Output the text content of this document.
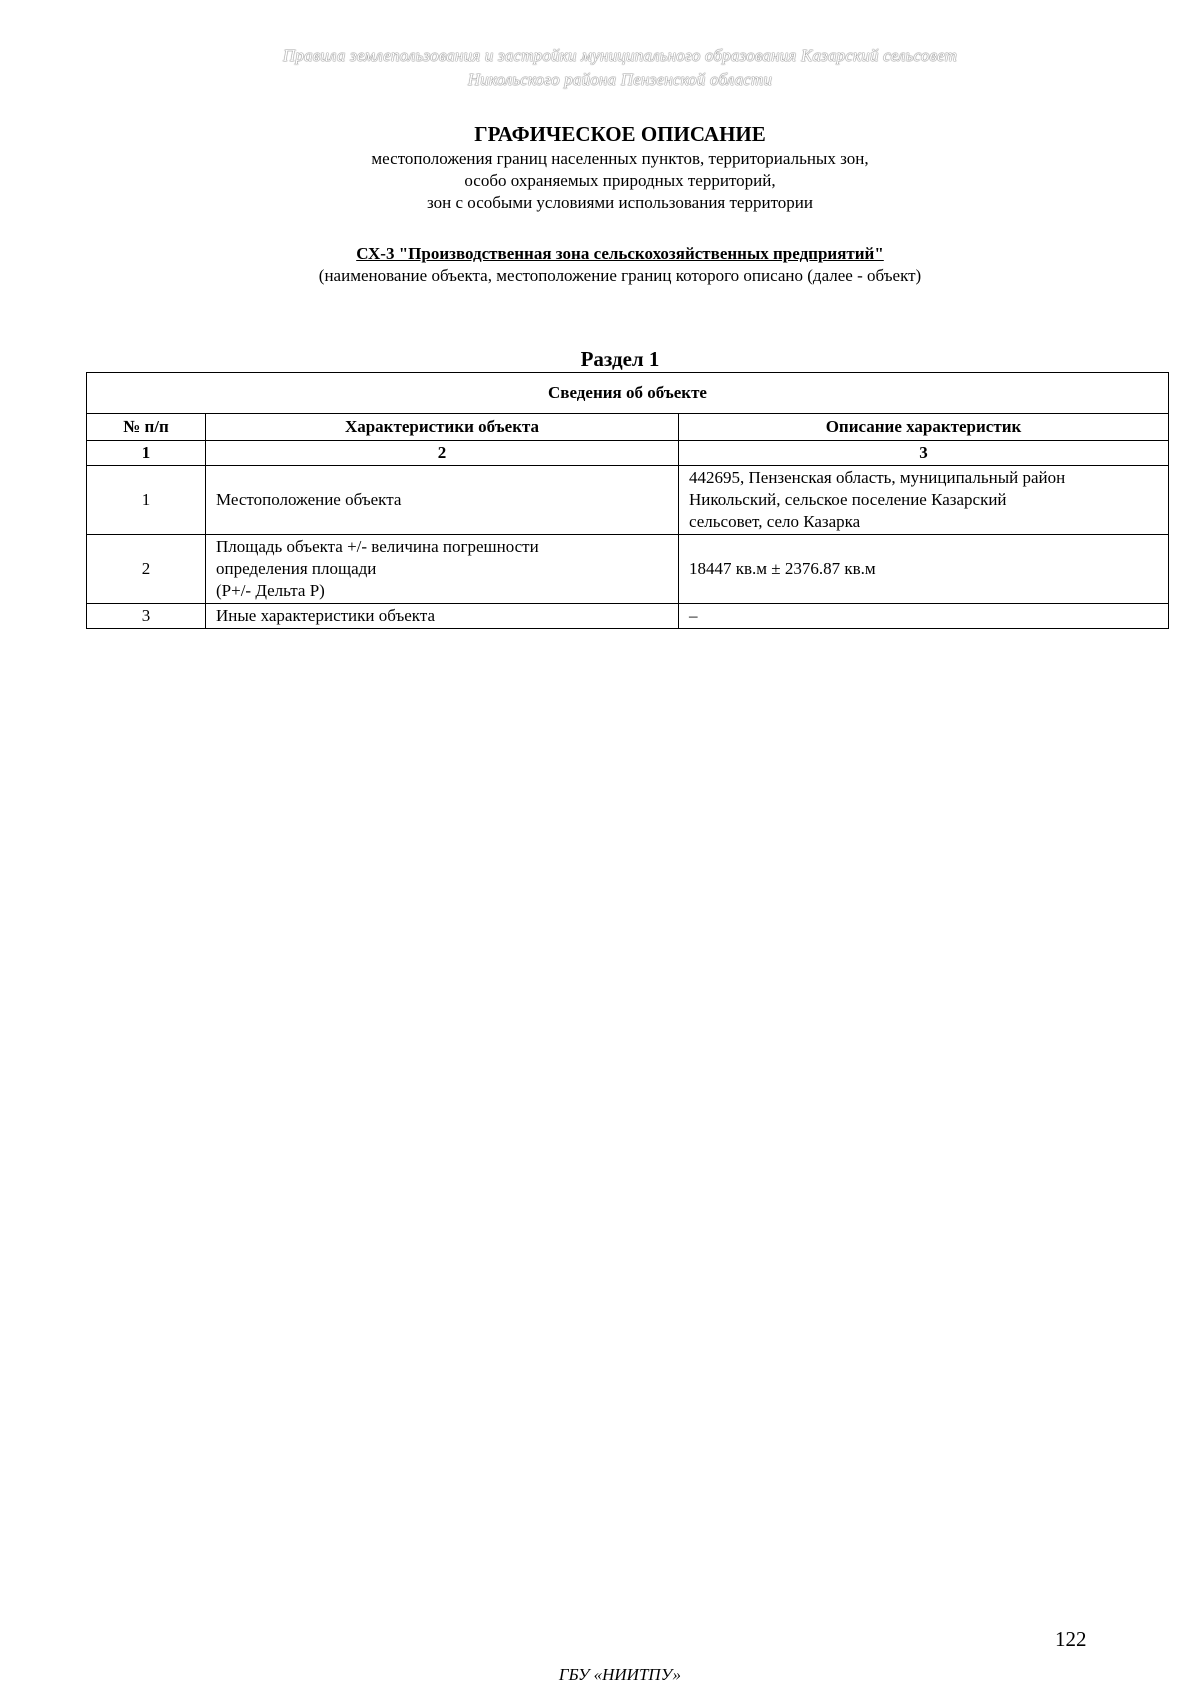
Правила землепользования и застройки муниципального образования Казарский сельсовет
Никольского района Пензенской области
ГРАФИЧЕСКОЕ ОПИСАНИЕ
местоположения границ населенных пунктов, территориальных зон,
особо охраняемых природных территорий,
зон с особыми условиями использования территории
СХ-3 "Производственная зона сельскохозяйственных предприятий"
(наименование объекта, местоположение границ которого описано (далее - объект)
Раздел 1
Сведения об объекте		
№ п/п	Характеристики объекта	Описание характеристик
1	2	3
1	Местоположение объекта	442695, Пензенская область, муниципальный район
Никольский, сельское поселение Казарский
сельсовет, село Казарка

2	Площадь объекта +/- величина погрешности
определения площади
(P+/- Дельта P)	18447 кв.м ± 2376.87 кв.м

3	Иные характеристики объекта	–
122
ГБУ «НИИТПУ»
